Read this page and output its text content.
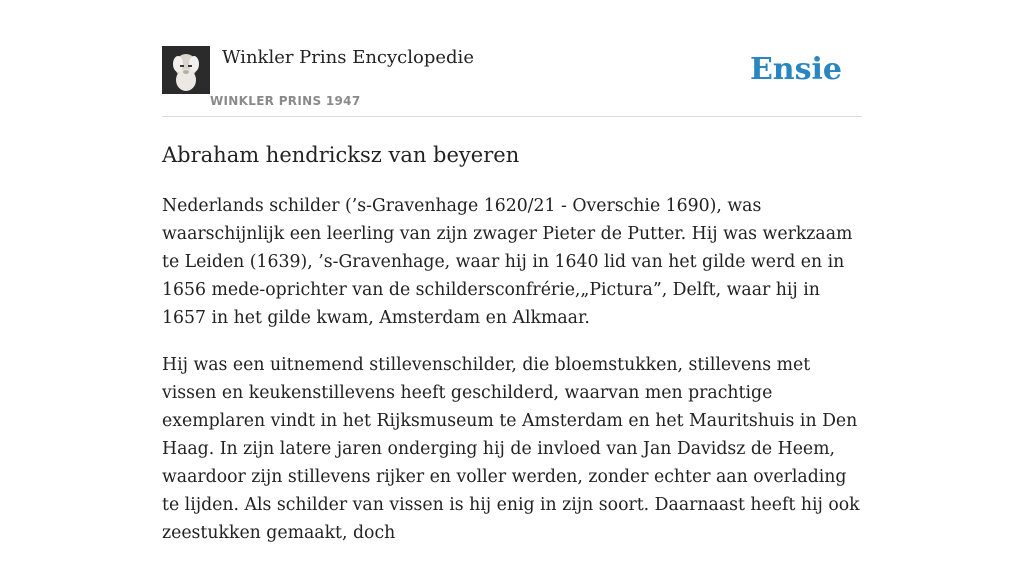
Winkler Prins Encyclopedie
WINKLER PRINS 1947
Ensie
Abraham hendricksz van beyeren

Nederlands schilder (’s-Gravenhage 1620/21 - Overschie 1690), was waarschijnlijk een leerling van zijn zwager Pieter de Putter. Hij was werkzaam te Leiden (1639), ’s-Gravenhage, waar hij in 1640 lid van het gilde werd en in 1656 mede-oprichter van de schildersconfrérie,„Pictura”, Delft, waar hij in 1657 in het gilde kwam, Amsterdam en Alkmaar.

Hij was een uitnemend stillevenschilder, die bloemstukken, stillevens met vissen en keukenstillevens heeft geschilderd, waarvan men prachtige exemplaren vindt in het Rijksmuseum te Amsterdam en het Mauritshuis in Den Haag. In zijn latere jaren onderging hij de invloed van Jan Davidsz de Heem, waardoor zijn stillevens rijker en voller werden, zonder echter aan overlading te lijden. Als schilder van vissen is hij enig in zijn soort. Daarnaast heeft hij ook zeestukken gemaakt, doch
